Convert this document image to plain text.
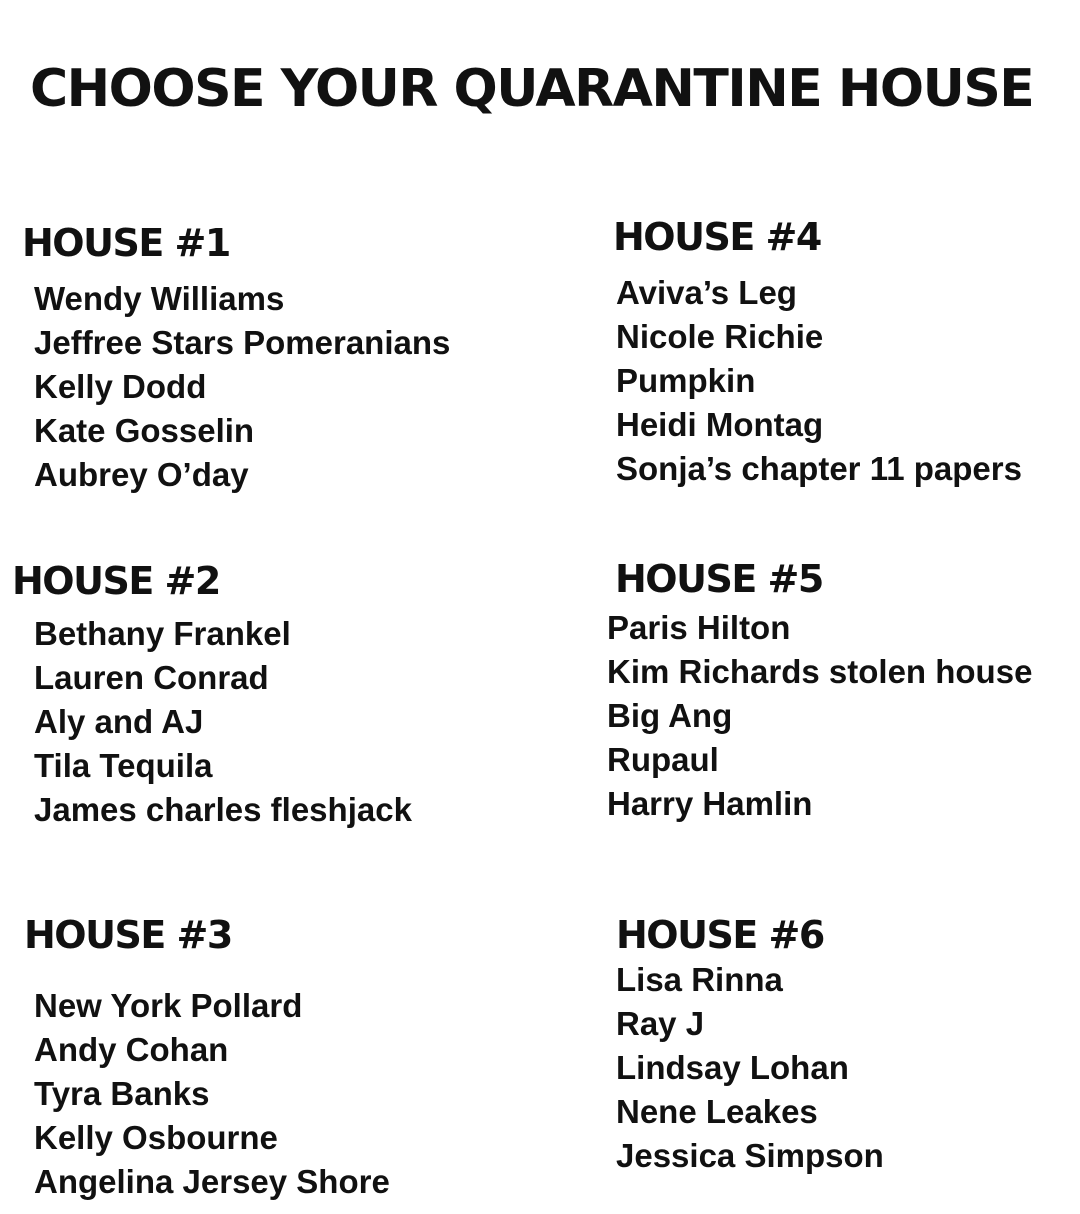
CHOOSE YOUR QUARANTINE HOUSE
HOUSE #1
Wendy Williams
Jeffree Stars Pomeranians
Kelly Dodd
Kate Gosselin
Aubrey O’day
HOUSE #2
Bethany Frankel
Lauren Conrad
Aly and AJ
Tila Tequila
James charles fleshjack
HOUSE #3
New York Pollard
Andy Cohan
Tyra Banks
Kelly Osbourne
Angelina Jersey Shore
HOUSE #4
Aviva’s Leg
Nicole Richie
Pumpkin
Heidi Montag
Sonja’s chapter 11 papers
HOUSE #5
Paris Hilton
Kim Richards stolen house
Big Ang
Rupaul
Harry Hamlin
HOUSE #6
Lisa Rinna
Ray J
Lindsay Lohan
Nene Leakes
Jessica Simpson
